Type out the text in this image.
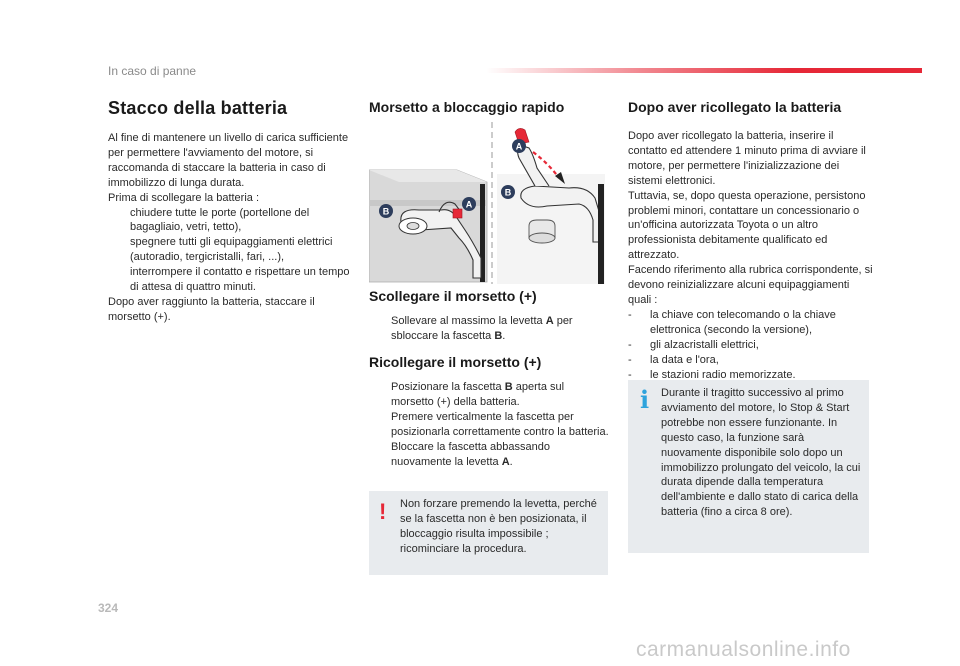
In caso di panne
Stacco della batteria

Al fine di mantenere un livello di carica sufficiente per permettere l'avviamento del motore, si raccomanda di staccare la batteria in caso di immobilizzo di lunga durata.

Prima di scollegare la batteria :

chiudere tutte le porte (portellone del bagagliaio, vetri, tetto),
spegnere tutti gli equipaggiamenti elettrici (autoradio, tergicristalli, fari, ...),
interrompere il contatto e rispettare un tempo di attesa di quattro minuti.

Dopo aver raggiunto la batteria, staccare il morsetto (+).

Morsetto a bloccaggio rapido
B
A
A
B
Scollegare il morsetto (+)
Sollevare al massimo la levetta A per sbloccare la fascetta B.
Ricollegare il morsetto (+)
Posizionare la fascetta B aperta sul morsetto (+) della batteria.
Premere verticalmente la fascetta per posizionarla correttamente contro la batteria.
Bloccare la fascetta abbassando nuovamente la levetta A.
! Non forzare premendo la levetta, perché se la fascetta non è ben posizionata, il bloccaggio risulta impossibile ; ricominciare la procedura.

Dopo aver ricollegato la batteria

Dopo aver ricollegato la batteria, inserire il contatto ed attendere 1 minuto prima di avviare il motore, per permettere l'inizializzazione dei sistemi elettronici.

Tuttavia, se, dopo questa operazione, persistono problemi minori, contattare un concessionario o un'officina autorizzata Toyota o un altro professionista debitamente qualificato ed attrezzato.

Facendo riferimento alla rubrica corrispondente, si devono reinizializzare alcuni equipaggiamenti quali :

- la chiave con telecomando o la chiave elettronica (secondo la versione),
- gli alzacristalli elettrici,
- la data e l'ora,
- le stazioni radio memorizzate.
i Durante il tragitto successivo al primo avviamento del motore, lo Stop & Start potrebbe non essere funzionante. In questo caso, la funzione sarà nuovamente disponibile solo dopo un immobilizzo prolungato del veicolo, la cui durata dipende dalla temperatura dell'ambiente e dallo stato di carica della batteria (fino a circa 8 ore).

324
carmanualsonline.info
